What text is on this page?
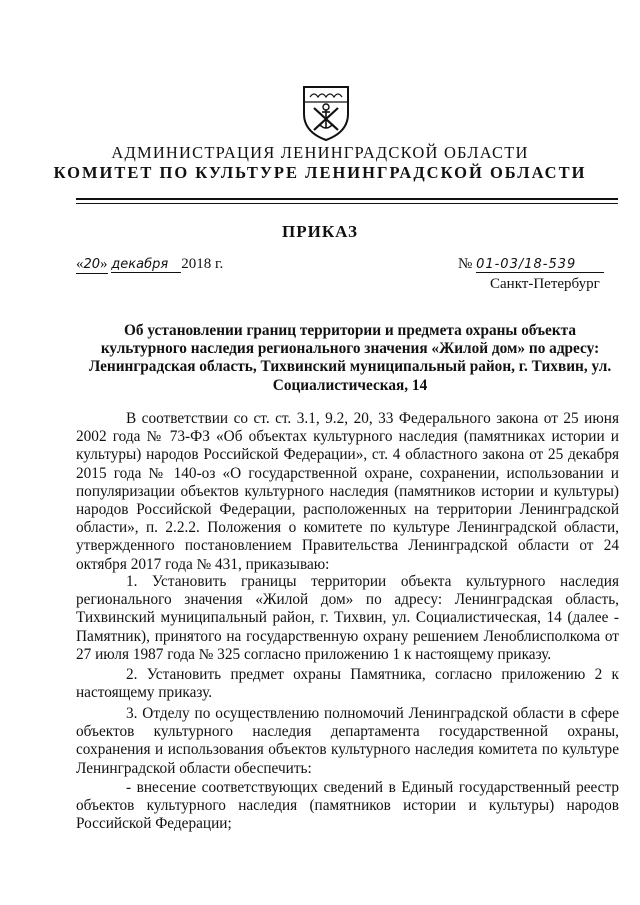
АДМИНИСТРАЦИЯ ЛЕНИНГРАДСКОЙ ОБЛАСТИ
КОМИТЕТ ПО КУЛЬТУРЕ ЛЕНИНГРАДСКОЙ ОБЛАСТИ
ПРИКАЗ
«20» декабря 2018 г.	№ 01-03/18-539
Санкт-Петербург
Об установлении границ территории и предмета охраны объекта культурного наследия регионального значения «Жилой дом» по адресу: Ленинградская область, Тихвинский муниципальный район, г. Тихвин, ул. Социалистическая, 14
В соответствии со ст. ст. 3.1, 9.2, 20, 33 Федерального закона от 25 июня 2002 года № 73-ФЗ «Об объектах культурного наследия (памятниках истории и культуры) народов Российской Федерации», ст. 4 областного закона от 25 декабря 2015 года № 140-оз «О государственной охране, сохранении, использовании и популяризации объектов культурного наследия (памятников истории и культуры) народов Российской Федерации, расположенных на территории Ленинградской области», п. 2.2.2. Положения о комитете по культуре Ленинградской области, утвержденного постановлением Правительства Ленинградской области от 24 октября 2017 года № 431, приказываю:
1. Установить границы территории объекта культурного наследия регионального значения «Жилой дом» по адресу: Ленинградская область, Тихвинский муниципальный район, г. Тихвин, ул. Социалистическая, 14 (далее - Памятник), принятого на государственную охрану решением Леноблисполкома от 27 июля 1987 года № 325 согласно приложению 1 к настоящему приказу.
2. Установить предмет охраны Памятника, согласно приложению 2 к настоящему приказу.
3. Отделу по осуществлению полномочий Ленинградской области в сфере объектов культурного наследия департамента государственной охраны, сохранения и использования объектов культурного наследия комитета по культуре Ленинградской области обеспечить:
- внесение соответствующих сведений в Единый государственный реестр объектов культурного наследия (памятников истории и культуры) народов Российской Федерации;
